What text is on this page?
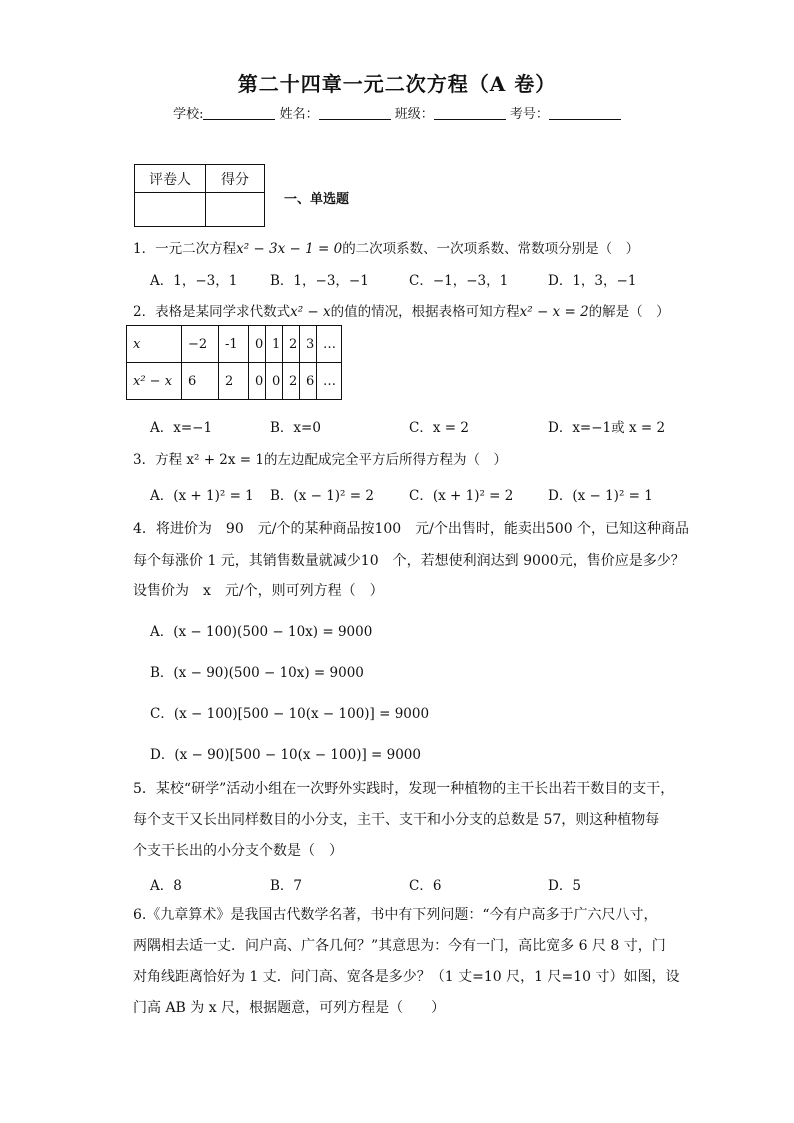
第二十四章一元二次方程（A 卷）
学校:	姓名：	班级：	考号：
评卷人	得分

一、单选题
1．一元二次方程x² − 3x − 1 = 0的二次项系数、一次项系数、常数项分别是（　）
A．1，−3，1 B．1，−3，−1	C．−1，−3，1	D．1，3，−1
2．表格是某同学求代数式x² − x的值的情况，根据表格可知方程x² − x = 2的解是（　）
x	−2	-1	0	1	2	3	…
x² − x	6	2	0	0	2	6	…
A．x=−1	B．x=0	C．x = 2	D．x=−1或 x = 2
3．方程 x² + 2x = 1的左边配成完全平方后所得方程为（　）
A．(x + 1)² = 1 B．(x − 1)² = 2	C．(x + 1)² = 2	D．(x − 1)² = 1
4．将进价为　90　元/个的某种商品按100　元/个出售时，能卖出500 个，已知这种商品
每个每涨价 1 元，其销售数量就减少10　个，若想使利润达到 9000元，售价应是多少？
设售价为　x　元/个，则可列方程（　）
A．(x − 100)(500 − 10x) = 9000
B．(x − 90)(500 − 10x) = 9000
C．(x − 100)[500 − 10(x − 100)] = 9000
D．(x − 90)[500 − 10(x − 100)] = 9000
5．某校“研学”活动小组在一次野外实践时，发现一种植物的主干长出若干数目的支干，
每个支干又长出同样数目的小分支，主干、支干和小分支的总数是 57，则这种植物每
个支干长出的小分支个数是（　）
A．8	B．7	C．6	D．5
6.《九章算术》是我国古代数学名著，书中有下列问题：“今有户高多于广六尺八寸，
两隅相去适一丈．问户高、广各几何？”其意思为：今有一门，高比宽多 6 尺 8 寸，门
对角线距离恰好为 1 丈．问门高、宽各是多少？（1 丈=10 尺，1 尺=10 寸）如图，设
门高 AB 为 x 尺，根据题意，可列方程是（　　）
